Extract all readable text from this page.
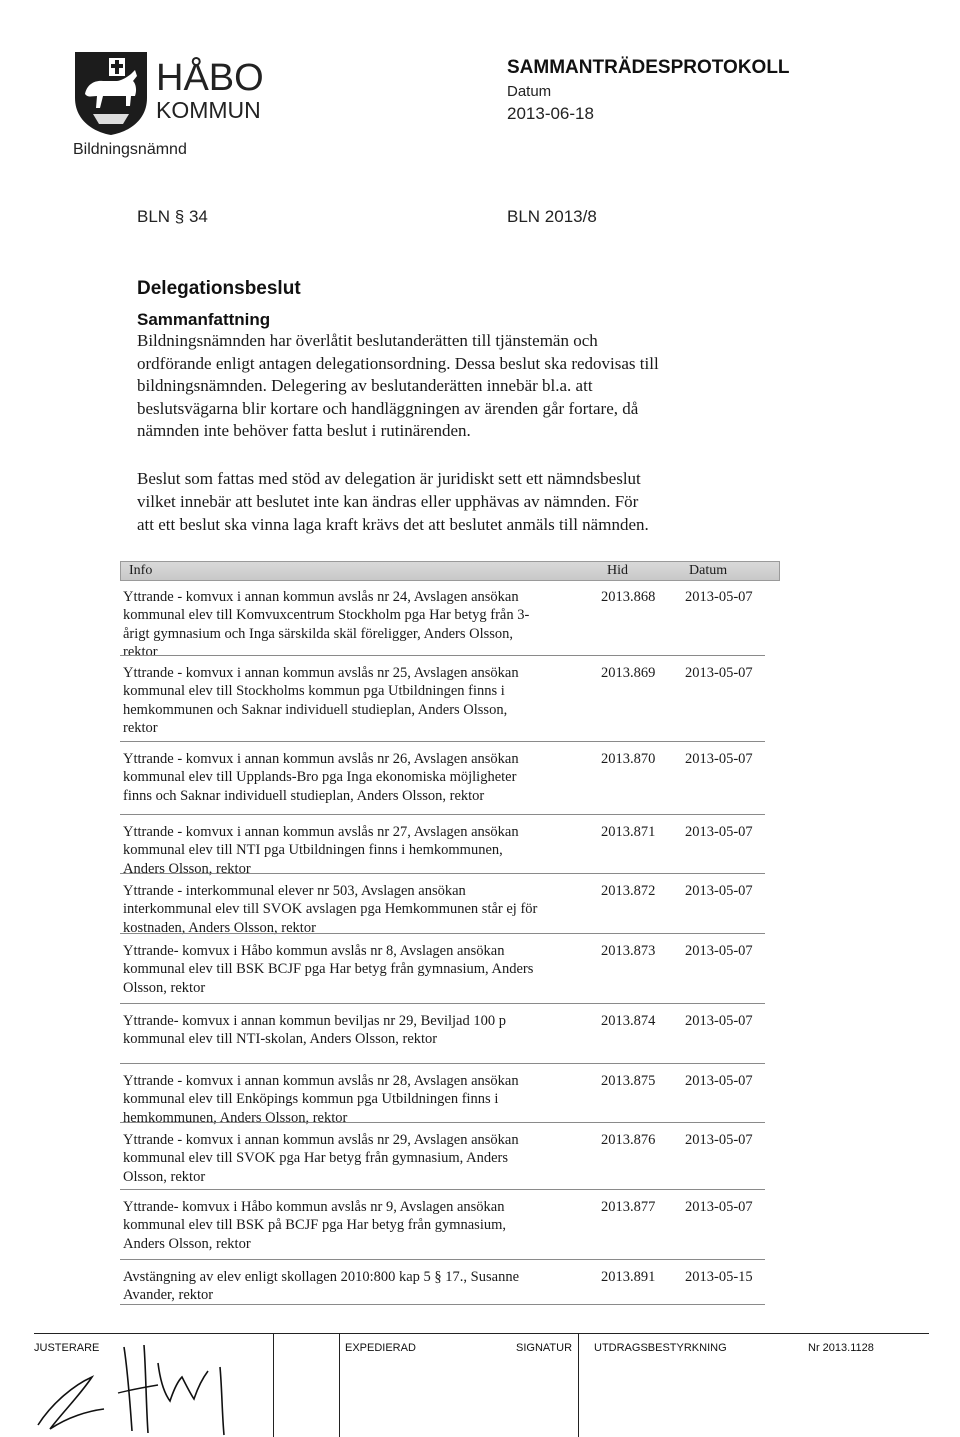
HÅBO
KOMMUN
Bildningsnämnd
SAMMANTRÄDESPROTOKOLL
Datum
2013-06-18
BLN § 34	BLN 2013/8
Delegationsbeslut
Sammanfattning
Bildningsnämnden har överlåtit beslutanderätten till tjänstemän och
ordförande enligt antagen delegationsordning. Dessa beslut ska redovisas till
bildningsnämnden. Delegering av beslutanderätten innebär bl.a. att
beslutsvägarna blir kortare och handläggningen av ärenden går fortare, då
nämnden inte behöver fatta beslut i rutinärenden.
Beslut som fattas med stöd av delegation är juridiskt sett ett nämndsbeslut
vilket innebär att beslutet inte kan ändras eller upphävas av nämnden. För
att ett beslut ska vinna laga kraft krävs det att beslutet anmäls till nämnden.
Info	Hid	Datum
Yttrande - komvux i annan kommun avslås nr 24, Avslagen ansökan
kommunal elev till Komvuxcentrum Stockholm pga Har betyg från 3-
årigt gymnasium och Inga särskilda skäl föreligger, Anders Olsson,
rektor
2013.868 2013-05-07
Yttrande - komvux i annan kommun avslås nr 25, Avslagen ansökan
kommunal elev till Stockholms kommun pga Utbildningen finns i
hemkommunen och Saknar individuell studieplan, Anders Olsson,
rektor
2013.869 2013-05-07
Yttrande - komvux i annan kommun avslås nr 26, Avslagen ansökan
kommunal elev till Upplands-Bro pga Inga ekonomiska möjligheter
finns och Saknar individuell studieplan, Anders Olsson, rektor
2013.870 2013-05-07
Yttrande - komvux i annan kommun avslås nr 27, Avslagen ansökan
kommunal elev till NTI pga Utbildningen finns i hemkommunen,
Anders Olsson, rektor
2013.871 2013-05-07
Yttrande - interkommunal elever nr 503, Avslagen ansökan
interkommunal elev till SVOK avslagen pga Hemkommunen står ej för
kostnaden, Anders Olsson, rektor
2013.872 2013-05-07
Yttrande- komvux i Håbo kommun avslås nr 8, Avslagen ansökan
kommunal elev till BSK BCJF pga Har betyg från gymnasium, Anders
Olsson, rektor
2013.873 2013-05-07
Yttrande- komvux i annan kommun beviljas nr 29, Beviljad 100 p
kommunal elev till NTI-skolan, Anders Olsson, rektor
2013.874 2013-05-07
Yttrande - komvux i annan kommun avslås nr 28, Avslagen ansökan
kommunal elev till Enköpings kommun pga Utbildningen finns i
hemkommunen, Anders Olsson, rektor
2013.875 2013-05-07
Yttrande - komvux i annan kommun avslås nr 29, Avslagen ansökan
kommunal elev till SVOK pga Har betyg från gymnasium, Anders
Olsson, rektor
2013.876 2013-05-07
Yttrande- komvux i Håbo kommun avslås nr 9, Avslagen ansökan
kommunal elev till BSK på BCJF pga Har betyg från gymnasium,
Anders Olsson, rektor
2013.877 2013-05-07
Avstängning av elev enligt skollagen 2010:800 kap 5 § 17., Susanne
Avander, rektor
2013.891 2013-05-15
JUSTERARE	EXPEDIERAD	SIGNATUR UTDRAGSBESTYRKNING	Nr 2013.1128
